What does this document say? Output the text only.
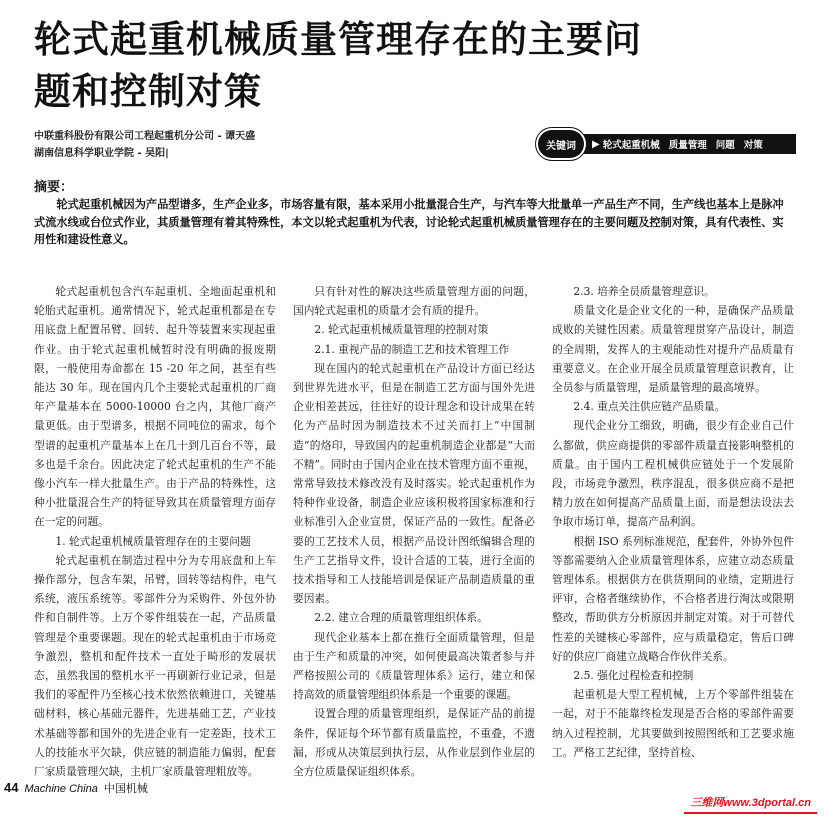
轮式起重机械质量管理存在的主要问题和控制对策
中联重科股份有限公司工程起重机分公司 - 谭天盛
湖南信息科学职业学院 - 吴阳|
关键词	▶ 轮式起重机械 质量管理 问题 对策
摘要：
轮式起重机械因为产品型谱多，生产企业多，市场容量有限，基本采用小批量混合生产，与汽车等大批量单一产品生产不同，生产线也基本上是脉冲式流水线或台位式作业，其质量管理有着其特殊性，本文以轮式起重机为代表，讨论轮式起重机械质量管理存在的主要问题及控制对策，具有代表性、实用性和建设性意义。

轮式起重机包含汽车起重机、全地面起重机和轮胎式起重机。通常情况下，轮式起重机都是在专用底盘上配置吊臂、回转、起升等装置来实现起重作业。由于轮式起重机械暂时没有明确的报废期限，一般使用寿命都在 15 -20 年之间，甚至有些能达 30 年。现在国内几个主要轮式起重机的厂商年产量基本在 5000-10000 台之内，其他厂商产量更低。由于型谱多，根据不同吨位的需求，每个型谱的起重机产量基本上在几十到几百台不等，最多也是千余台。因此决定了轮式起重机的生产不能像小汽车一样大批量生产。由于产品的特殊性，这种小批量混合生产的特征导致其在质量管理方面存在一定的问题。

1. 轮式起重机械质量管理存在的主要问题

轮式起重机在制造过程中分为专用底盘和上车操作部分，包含车架，吊臂，回转等结构件，电气系统，液压系统等。零部件分为采购件、外包外协件和自制件等。上万个零件组装在一起，产品质量管理是个重要课题。现在的轮式起重机由于市场竞争激烈，整机和配件技术一直处于畸形的发展状态，虽然我国的整机水平一再刷新行业记录，但是我们的零配件乃至核心技术依然依赖进口，关键基础材料，核心基础元器件，先进基础工艺，产业技术基础等都和国外的先进企业有一定差距，技术工人的技能水平欠缺，供应链的制造能力偏弱，配套厂家质量管理欠缺，主机厂家质量管理粗放等。

只有针对性的解决这些质量管理方面的问题，国内轮式起重机的质量才会有质的提升。

2. 轮式起重机械质量管理的控制对策

2.1. 重视产品的制造工艺和技术管理工作

现在国内的轮式起重机在产品设计方面已经达到世界先进水平，但是在制造工艺方面与国外先进企业相差甚远，往往好的设计理念和设计成果在转化为产品时因为制造技术不过关而打上“中国制造”的烙印，导致国内的起重机制造企业都是“大而不精”。同时由于国内企业在技术管理方面不重视，常常导致技术修改没有及时落实。轮式起重机作为特种作业设备，制造企业应该积极将国家标准和行业标准引入企业宣贯，保证产品的一致性。配备必要的工艺技术人员，根据产品设计图纸编辑合理的生产工艺指导文件，设计合适的工装，进行全面的技术指导和工人技能培训是保证产品制造质量的重要因素。

2.2. 建立合理的质量管理组织体系。

现代企业基本上都在推行全面质量管理，但是由于生产和质量的冲突，如何使最高决策者参与并严格按照公司的《质量管理体系》运行，建立和保持高效的质量管理组织体系是一个重要的课题。

设置合理的质量管理组织，是保证产品的前提条件，保证每个环节都有质量监控，不重叠，不遗漏，形成从决策层到执行层，从作业层到作业层的全方位质量保证组织体系。

2.3. 培养全员质量管理意识。

质量文化是企业文化的一种，是确保产品质量成败的关键性因素。质量管理贯穿产品设计，制造的全周期，发挥人的主观能动性对提升产品质量有重要意义。在企业开展全员质量管理意识教育，让全员参与质量管理，是质量管理的最高境界。

2.4. 重点关注供应链产品质量。

现代企业分工细致，明确，很少有企业自己什么都做，供应商提供的零部件质量直接影响整机的质量。由于国内工程机械供应链处于一个发展阶段，市场竞争激烈，秩序混乱，很多供应商不是把精力放在如何提高产品质量上面，而是想法设法去争取市场订单，提高产品利润。

根据 ISO 系列标准规范，配套件，外协外包件等都需要纳入企业质量管理体系，应建立动态质量管理体系。根据供方在供货期间的业绩，定期进行评审，合格者继续协作，不合格者进行淘汰或限期整改，帮助供方分析原因并制定对策。对于可替代性差的关键核心零部件，应与质量稳定，售后口碑好的供应厂商建立战略合作伙伴关系。

2.5. 强化过程检查和控制

起重机是大型工程机械，上万个零部件组装在一起，对于不能靠终检发现是否合格的零部件需要纳入过程控制，尤其要做到按照图纸和工艺要求施工。严格工艺纪律，坚持首检、

44 Machine China 中国机械
三维网www.3dportal.cn
